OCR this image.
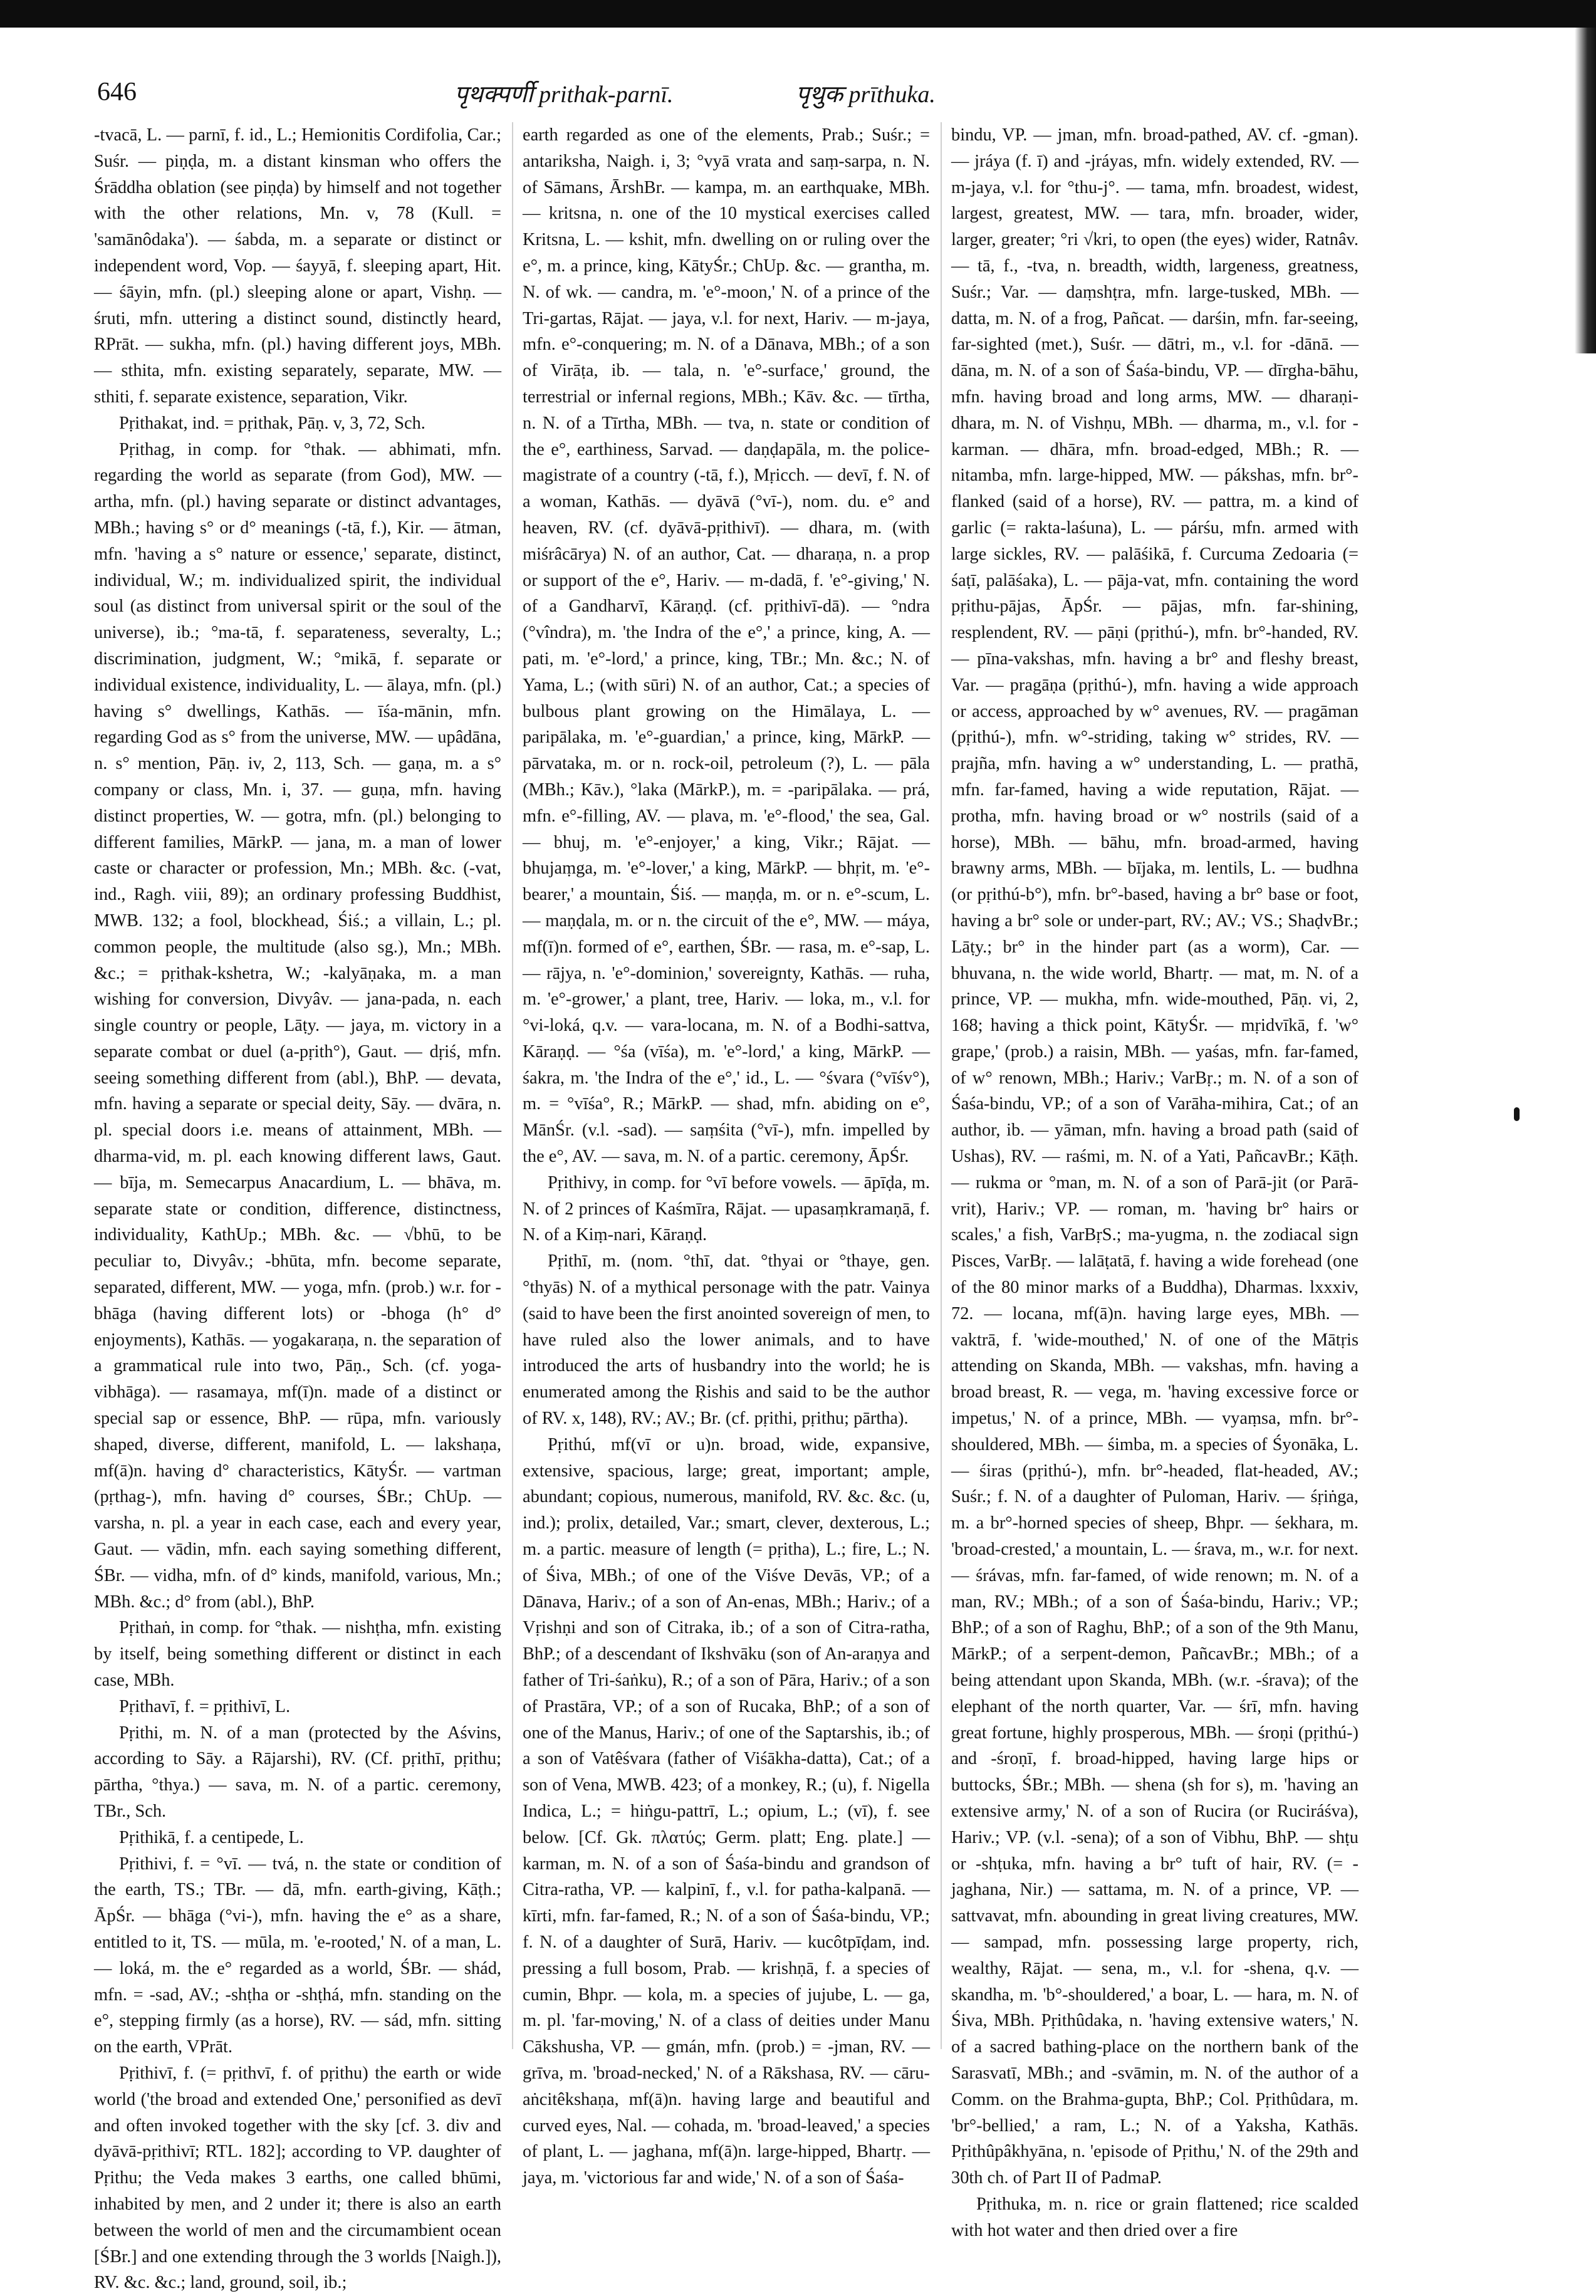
646	पृथक्पर्णी prithak-parnī.	पृथुक prīthuka.

-tvacā, L. — parnī, f. id., L.; Hemionitis Cordifolia, Car.; Suśr. — piṇḍa, m. a distant kinsman who offers the Śrāddha oblation (see piṇḍa) by himself and not together with the other relations, Mn. v, 78 (Kull. = 'samānôdaka'). — śabda, m. a separate or distinct or independent word, Vop. — śayyā, f. sleeping apart, Hit. — śāyin, mfn. (pl.) sleeping alone or apart, Vishṇ. — śruti, mfn. uttering a distinct sound, distinctly heard, RPrāt. — sukha, mfn. (pl.) having different joys, MBh. — sthita, mfn. existing separately, separate, MW. — sthiti, f. separate existence, separation, Vikr.

Pṛithakat, ind. = pṛithak, Pāṇ. v, 3, 72, Sch.

Pṛithag, in comp. for °thak. — abhimati, mfn. regarding the world as separate (from God), MW. — artha, mfn. (pl.) having separate or distinct advantages, MBh.; having s° or d° meanings (-tā, f.), Kir. — ātman, mfn. 'having a s° nature or essence,' separate, distinct, individual, W.; m. individualized spirit, the individual soul (as distinct from universal spirit or the soul of the universe), ib.; °ma-tā, f. separateness, severalty, L.; discrimination, judgment, W.; °mikā, f. separate or individual existence, individuality, L. — ālaya, mfn. (pl.) having s° dwellings, Kathās. — īśa-mānin, mfn. regarding God as s° from the universe, MW. — upâdāna, n. s° mention, Pāṇ. iv, 2, 113, Sch. — gaṇa, m. a s° company or class, Mn. i, 37. — guṇa, mfn. having distinct properties, W. — gotra, mfn. (pl.) belonging to different families, MārkP. — jana, m. a man of lower caste or character or profession, Mn.; MBh. &c. (-vat, ind., Ragh. viii, 89); an ordinary professing Buddhist, MWB. 132; a fool, blockhead, Śiś.; a villain, L.; pl. common people, the multitude (also sg.), Mn.; MBh. &c.; = pṛithak-kshetra, W.; -kalyāṇaka, m. a man wishing for conversion, Divyâv. — jana-pada, n. each single country or people, Lāṭy. — jaya, m. victory in a separate combat or duel (a-pṛith°), Gaut. — dṛiś, mfn. seeing something different from (abl.), BhP. — devata, mfn. having a separate or special deity, Sāy. — dvāra, n. pl. special doors i.e. means of attainment, MBh. — dharma-vid, m. pl. each knowing different laws, Gaut. — bīja, m. Semecarpus Anacardium, L. — bhāva, m. separate state or condition, difference, distinctness, individuality, KathUp.; MBh. &c. — √bhū, to be peculiar to, Divyâv.; -bhūta, mfn. become separate, separated, different, MW. — yoga, mfn. (prob.) w.r. for -bhāga (having different lots) or -bhoga (h° d° enjoyments), Kathās. — yogakaraṇa, n. the separation of a grammatical rule into two, Pāṇ., Sch. (cf. yoga-vibhāga). — rasamaya, mf(ī)n. made of a distinct or special sap or essence, BhP. — rūpa, mfn. variously shaped, diverse, different, manifold, L. — lakshaṇa, mf(ā)n. having d° characteristics, KātyŚr. — vartman (pṛthag-), mfn. having d° courses, ŚBr.; ChUp. — varsha, n. pl. a year in each case, each and every year, Gaut. — vādin, mfn. each saying something different, ŚBr. — vidha, mfn. of d° kinds, manifold, various, Mn.; MBh. &c.; d° from (abl.), BhP.

Pṛithaṅ, in comp. for °thak. — nishṭha, mfn. existing by itself, being something different or distinct in each case, MBh.

Pṛithavī, f. = pṛithivī, L.

Pṛithi, m. N. of a man (protected by the Aśvins, according to Sāy. a Rājarshi), RV. (Cf. pṛithī, pṛithu; pārtha, °thya.) — sava, m. N. of a partic. ceremony, TBr., Sch.

Pṛithikā, f. a centipede, L.

Pṛithivi, f. = °vī. — tvá, n. the state or condition of the earth, TS.; TBr. — dā, mfn. earth-giving, Kāṭh.; ĀpŚr. — bhāga (°vi-), mfn. having the e° as a share, entitled to it, TS. — mūla, m. 'e-rooted,' N. of a man, L. — loká, m. the e° regarded as a world, ŚBr. — shád, mfn. = -sad, AV.; -shṭha or -shṭhá, mfn. standing on the e°, stepping firmly (as a horse), RV. — sád, mfn. sitting on the earth, VPrāt.

Pṛithivī, f. (= pṛithvī, f. of pṛithu) the earth or wide world ('the broad and extended One,' personified as devī and often invoked together with the sky [cf. 3. div and dyāvā-pṛithivī; RTL. 182]; according to VP. daughter of Pṛithu; the Veda makes 3 earths, one called bhūmi, inhabited by men, and 2 under it; there is also an earth between the world of men and the circumambient ocean [ŚBr.] and one extending through the 3 worlds [Naigh.]), RV. &c. &c.; land, ground, soil, ib.;

earth regarded as one of the elements, Prab.; Suśr.; = antariksha, Naigh. i, 3; °vyā vrata and saṃ-sarpa, n. N. of Sāmans, ĀrshBr. — kampa, m. an earthquake, MBh. — kritsna, n. one of the 10 mystical exercises called Kritsna, L. — kshit, mfn. dwelling on or ruling over the e°, m. a prince, king, KātyŚr.; ChUp. &c. — grantha, m. N. of wk. — candra, m. 'e°-moon,' N. of a prince of the Tri-gartas, Rājat. — jaya, v.l. for next, Hariv. — m-jaya, mfn. e°-conquering; m. N. of a Dānava, MBh.; of a son of Virāṭa, ib. — tala, n. 'e°-surface,' ground, the terrestrial or infernal regions, MBh.; Kāv. &c. — tīrtha, n. N. of a Tīrtha, MBh. — tva, n. state or condition of the e°, earthiness, Sarvad. — daṇḍapāla, m. the police-magistrate of a country (-tā, f.), Mṛicch. — devī, f. N. of a woman, Kathās. — dyāvā (°vī-), nom. du. e° and heaven, RV. (cf. dyāvā-pṛithivī). — dhara, m. (with miśrâcārya) N. of an author, Cat. — dharaṇa, n. a prop or support of the e°, Hariv. — m-dadā, f. 'e°-giving,' N. of a Gandharvī, Kāraṇḍ. (cf. pṛithivī-dā). — °ndra (°vîndra), m. 'the Indra of the e°,' a prince, king, A. — pati, m. 'e°-lord,' a prince, king, TBr.; Mn. &c.; N. of Yama, L.; (with sūri) N. of an author, Cat.; a species of bulbous plant growing on the Himālaya, L. — paripālaka, m. 'e°-guardian,' a prince, king, MārkP. — pārvataka, m. or n. rock-oil, petroleum (?), L. — pāla (MBh.; Kāv.), °laka (MārkP.), m. = -paripālaka. — prá, mfn. e°-filling, AV. — plava, m. 'e°-flood,' the sea, Gal. — bhuj, m. 'e°-enjoyer,' a king, Vikr.; Rājat. — bhujaṃga, m. 'e°-lover,' a king, MārkP. — bhṛit, m. 'e°-bearer,' a mountain, Śiś. — maṇḍa, m. or n. e°-scum, L. — maṇḍala, m. or n. the circuit of the e°, MW. — máya, mf(ī)n. formed of e°, earthen, ŚBr. — rasa, m. e°-sap, L. — rājya, n. 'e°-dominion,' sovereignty, Kathās. — ruha, m. 'e°-grower,' a plant, tree, Hariv. — loka, m., v.l. for °vi-loká, q.v. — vara-locana, m. N. of a Bodhi-sattva, Kāraṇḍ. — °śa (vīśa), m. 'e°-lord,' a king, MārkP. — śakra, m. 'the Indra of the e°,' id., L. — °śvara (°vīśv°), m. = °vīśa°, R.; MārkP. — shad, mfn. abiding on e°, MānŚr. (v.l. -sad). — saṃśita (°vī-), mfn. impelled by the e°, AV. — sava, m. N. of a partic. ceremony, ĀpŚr.

Pṛithivy, in comp. for °vī before vowels. — āpīḍa, m. N. of 2 princes of Kaśmīra, Rājat. — upasaṃkramaṇā, f. N. of a Kiṃ-nari, Kāraṇḍ.

Pṛithī, m. (nom. °thī, dat. °thyai or °thaye, gen. °thyās) N. of a mythical personage with the patr. Vainya (said to have been the first anointed sovereign of men, to have ruled also the lower animals, and to have introduced the arts of husbandry into the world; he is enumerated among the Ṛishis and said to be the author of RV. x, 148), RV.; AV.; Br. (cf. pṛithi, pṛithu; pārtha).

Pṛithú, mf(vī or u)n. broad, wide, expansive, extensive, spacious, large; great, important; ample, abundant; copious, numerous, manifold, RV. &c. &c. (u, ind.); prolix, detailed, Var.; smart, clever, dexterous, L.; m. a partic. measure of length (= pṛitha), L.; fire, L.; N. of Śiva, MBh.; of one of the Viśve Devās, VP.; of a Dānava, Hariv.; of a son of An-enas, MBh.; Hariv.; of a Vṛishṇi and son of Citraka, ib.; of a son of Citra-ratha, BhP.; of a descendant of Ikshvāku (son of An-araṇya and father of Tri-śaṅku), R.; of a son of Pāra, Hariv.; of a son of Prastāra, VP.; of a son of Rucaka, BhP.; of a son of one of the Manus, Hariv.; of one of the Saptarshis, ib.; of a son of Vatêśvara (father of Viśākha-datta), Cat.; of a son of Vena, MWB. 423; of a monkey, R.; (u), f. Nigella Indica, L.; = hiṅgu-pattrī, L.; opium, L.; (vī), f. see below. [Cf. Gk. πλατύς; Germ. platt; Eng. plate.] — karman, m. N. of a son of Śaśa-bindu and grandson of Citra-ratha, VP. — kalpinī, f., v.l. for patha-kalpanā. — kīrti, mfn. far-famed, R.; N. of a son of Śaśa-bindu, VP.; f. N. of a daughter of Surā, Hariv. — kucôtpīḍam, ind. pressing a full bosom, Prab. — krishṇā, f. a species of cumin, Bhpr. — kola, m. a species of jujube, L. — ga, m. pl. 'far-moving,' N. of a class of deities under Manu Cākshusha, VP. — gmán, mfn. (prob.) = -jman, RV. — grīva, m. 'broad-necked,' N. of a Rākshasa, RV. — cāru-aṅcitêkshaṇa, mf(ā)n. having large and beautiful and curved eyes, Nal. — cohada, m. 'broad-leaved,' a species of plant, L. — jaghana, mf(ā)n. large-hipped, Bhartṛ. — jaya, m. 'victorious far and wide,' N. of a son of Śaśa-

bindu, VP. — jman, mfn. broad-pathed, AV. cf. -gman). — jráya (f. ī) and -jráyas, mfn. widely extended, RV. — m-jaya, v.l. for °thu-j°. — tama, mfn. broadest, widest, largest, greatest, MW. — tara, mfn. broader, wider, larger, greater; °ri √kri, to open (the eyes) wider, Ratnâv. — tā, f., -tva, n. breadth, width, largeness, greatness, Suśr.; Var. — daṃshṭra, mfn. large-tusked, MBh. — datta, m. N. of a frog, Pañcat. — darśin, mfn. far-seeing, far-sighted (met.), Suśr. — dātri, m., v.l. for -dānā. — dāna, m. N. of a son of Śaśa-bindu, VP. — dīrgha-bāhu, mfn. having broad and long arms, MW. — dharaṇi-dhara, m. N. of Vishṇu, MBh. — dharma, m., v.l. for -karman. — dhāra, mfn. broad-edged, MBh.; R. — nitamba, mfn. large-hipped, MW. — pákshas, mfn. br°-flanked (said of a horse), RV. — pattra, m. a kind of garlic (= rakta-laśuna), L. — párśu, mfn. armed with large sickles, RV. — palāśikā, f. Curcuma Zedoaria (= śaṭī, palāśaka), L. — pāja-vat, mfn. containing the word pṛithu-pājas, ĀpŚr. — pājas, mfn. far-shining, resplendent, RV. — pāṇi (pṛithú-), mfn. br°-handed, RV. — pīna-vakshas, mfn. having a br° and fleshy breast, Var. — pragāṇa (pṛithú-), mfn. having a wide approach or access, approached by w° avenues, RV. — pragāman (pṛithú-), mfn. w°-striding, taking w° strides, RV. — prajña, mfn. having a w° understanding, L. — prathā, mfn. far-famed, having a wide reputation, Rājat. — protha, mfn. having broad or w° nostrils (said of a horse), MBh. — bāhu, mfn. broad-armed, having brawny arms, MBh. — bījaka, m. lentils, L. — budhna (or pṛithú-b°), mfn. br°-based, having a br° base or foot, having a br° sole or under-part, RV.; AV.; VS.; ShaḍvBr.; Lāṭy.; br° in the hinder part (as a worm), Car. — bhuvana, n. the wide world, Bhartṛ. — mat, m. N. of a prince, VP. — mukha, mfn. wide-mouthed, Pāṇ. vi, 2, 168; having a thick point, KātyŚr. — mṛidvīkā, f. 'w° grape,' (prob.) a raisin, MBh. — yaśas, mfn. far-famed, of w° renown, MBh.; Hariv.; VarBṛ.; m. N. of a son of Śaśa-bindu, VP.; of a son of Varāha-mihira, Cat.; of an author, ib. — yāman, mfn. having a broad path (said of Ushas), RV. — raśmi, m. N. of a Yati, PañcavBr.; Kāṭh. — rukma or °man, m. N. of a son of Parā-jit (or Parā-vrit), Hariv.; VP. — roman, m. 'having br° hairs or scales,' a fish, VarBṛS.; ma-yugma, n. the zodiacal sign Pisces, VarBṛ. — lalāṭatā, f. having a wide forehead (one of the 80 minor marks of a Buddha), Dharmas. lxxxiv, 72. — locana, mf(ā)n. having large eyes, MBh. — vaktrā, f. 'wide-mouthed,' N. of one of the Mātṛis attending on Skanda, MBh. — vakshas, mfn. having a broad breast, R. — vega, m. 'having excessive force or impetus,' N. of a prince, MBh. — vyaṃsa, mfn. br°-shouldered, MBh. — śimba, m. a species of Śyonāka, L. — śiras (pṛithú-), mfn. br°-headed, flat-headed, AV.; Suśr.; f. N. of a daughter of Puloman, Hariv. — śṛiṅga, m. a br°-horned species of sheep, Bhpr. — śekhara, m. 'broad-crested,' a mountain, L. — śrava, m., w.r. for next. — śrávas, mfn. far-famed, of wide renown; m. N. of a man, RV.; MBh.; of a son of Śaśa-bindu, Hariv.; VP.; BhP.; of a son of Raghu, BhP.; of a son of the 9th Manu, MārkP.; of a serpent-demon, PañcavBr.; MBh.; of a being attendant upon Skanda, MBh. (w.r. -śrava); of the elephant of the north quarter, Var. — śrī, mfn. having great fortune, highly prosperous, MBh. — śroṇi (pṛithú-) and -śroṇī, f. broad-hipped, having large hips or buttocks, ŚBr.; MBh. — shena (sh for s), m. 'having an extensive army,' N. of a son of Rucira (or Ruciráśva), Hariv.; VP. (v.l. -sena); of a son of Vibhu, BhP. — shṭu or -shṭuka, mfn. having a br° tuft of hair, RV. (= -jaghana, Nir.) — sattama, m. N. of a prince, VP. — sattvavat, mfn. abounding in great living creatures, MW. — sampad, mfn. possessing large property, rich, wealthy, Rājat. — sena, m., v.l. for -shena, q.v. — skandha, m. 'b°-shouldered,' a boar, L. — hara, m. N. of Śiva, MBh. Pṛithûdaka, n. 'having extensive waters,' N. of a sacred bathing-place on the northern bank of the Sarasvatī, MBh.; and -svāmin, m. N. of the author of a Comm. on the Brahma-gupta, BhP.; Col. Pṛithûdara, m. 'br°-bellied,' a ram, L.; N. of a Yaksha, Kathās. Pṛithûpâkhyāna, n. 'episode of Pṛithu,' N. of the 29th and 30th ch. of Part II of PadmaP.

Pṛithuka, m. n. rice or grain flattened; rice scalded with hot water and then dried over a fire
